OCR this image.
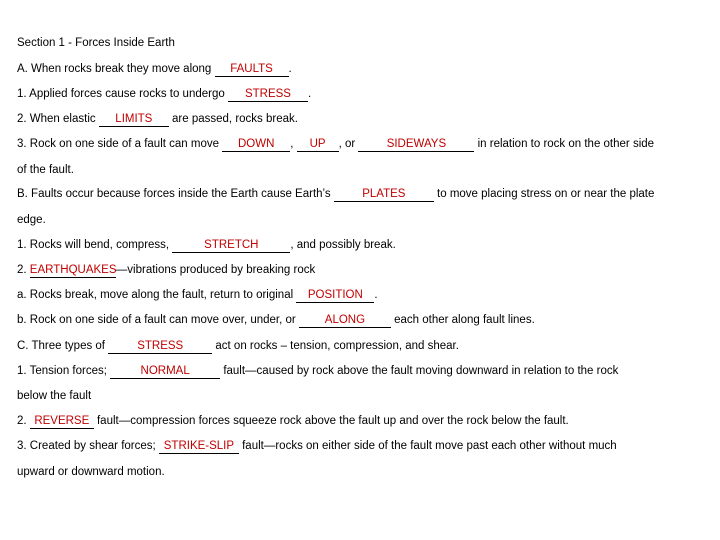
Section 1 - Forces Inside Earth
A. When rocks break they move along FAULTS .
1. Applied forces cause rocks to undergo STRESS .
2. When elastic LIMITS are passed, rocks break.
3. Rock on one side of a fault can move DOWN , UP , or SIDEWAYS in relation to rock on the other side
of the fault.
B. Faults occur because forces inside the Earth cause Earth’s PLATES to move placing stress on or near the plate
edge.
1. Rocks will bend, compress,	STRETCH	, and possibly break.
2. EARTHQUAKES—vibrations produced by breaking rock
a. Rocks break, move along the fault, return to original POSITION .
b. Rock on one side of a fault can move over, under, or ALONG each other along fault lines.
C. Three types of	STRESS	act on rocks – tension, compression, and shear.
1. Tension forces;	NORMAL	fault—caused by rock above the fault moving downward in relation to the rock
below the fault
2. REVERSE fault—compression forces squeeze rock above the fault up and over the rock below the fault.
3. Created by shear forces; STRIKE-SLIP fault—rocks on either side of the fault move past each other without much
upward or downward motion.
